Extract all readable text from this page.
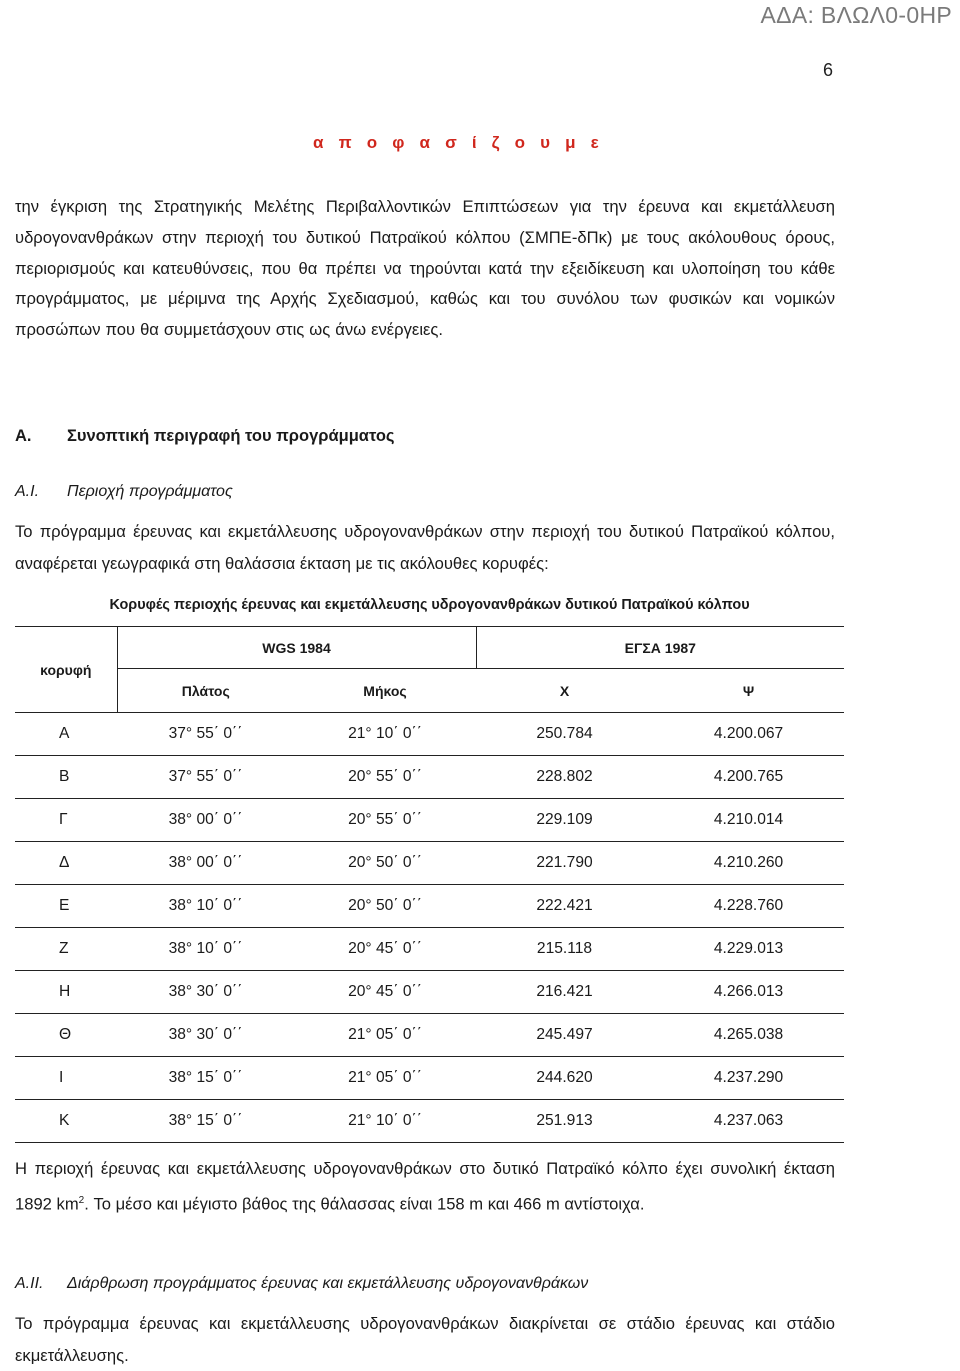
ΑΔΑ: ΒΛΩΛ0-0ΗΡ
6
α π ο φ α σ ί ζ ο υ μ ε
την έγκριση της Στρατηγικής Μελέτης Περιβαλλοντικών Επιπτώσεων για την έρευνα και εκμετάλλευση υδρογονανθράκων στην περιοχή του δυτικού Πατραϊκού κόλπου (ΣΜΠΕ-δΠκ) με τους ακόλουθους όρους, περιορισμούς και κατευθύνσεις, που θα πρέπει να τηρούνται κατά την εξειδίκευση και υλοποίηση του κάθε προγράμματος, με μέριμνα της Αρχής Σχεδιασμού, καθώς και του συνόλου των φυσικών και νομικών προσώπων που θα συμμετάσχουν στις ως άνω ενέργειες.
Α. Συνοπτική περιγραφή του προγράμματος
Α.Ι. Περιοχή προγράμματος
Το πρόγραμμα έρευνας και εκμετάλλευσης υδρογονανθράκων στην περιοχή του δυτικού Πατραϊκού κόλπου, αναφέρεται γεωγραφικά στη θαλάσσια έκταση με τις ακόλουθες κορυφές:
Κορυφές περιοχής έρευνας και εκμετάλλευσης υδρογονανθράκων δυτικού Πατραϊκού κόλπου				
κορυφή	WGS 1984		ΕΓΣΑ 1987	
	Πλάτος	Μήκος	Χ	Ψ
Α	37° 55΄ 0΄΄	21° 10΄ 0΄΄	250.784	4.200.067
Β	37° 55΄ 0΄΄	20° 55΄ 0΄΄	228.802	4.200.765
Γ	38° 00΄ 0΄΄	20° 55΄ 0΄΄	229.109	4.210.014
Δ	38° 00΄ 0΄΄	20° 50΄ 0΄΄	221.790	4.210.260
Ε	38° 10΄ 0΄΄	20° 50΄ 0΄΄	222.421	4.228.760
Ζ	38° 10΄ 0΄΄	20° 45΄ 0΄΄	215.118	4.229.013
Η	38° 30΄ 0΄΄	20° 45΄ 0΄΄	216.421	4.266.013
Θ	38° 30΄ 0΄΄	21° 05΄ 0΄΄	245.497	4.265.038
Ι	38° 15΄ 0΄΄	21° 05΄ 0΄΄	244.620	4.237.290
Κ	38° 15΄ 0΄΄	21° 10΄ 0΄΄	251.913	4.237.063
Η περιοχή έρευνας και εκμετάλλευσης υδρογονανθράκων στο δυτικό Πατραϊκό κόλπο έχει συνολική έκταση 1892 $km^2$. Το μέσο και μέγιστο βάθος της θάλασσας είναι 158 m και 466 m αντίστοιχα.
Α.ΙΙ. Διάρθρωση προγράμματος έρευνας και εκμετάλλευσης υδρογονανθράκων
Το πρόγραμμα έρευνας και εκμετάλλευσης υδρογονανθράκων διακρίνεται σε στάδιο έρευνας και στάδιο εκμετάλλευσης.
